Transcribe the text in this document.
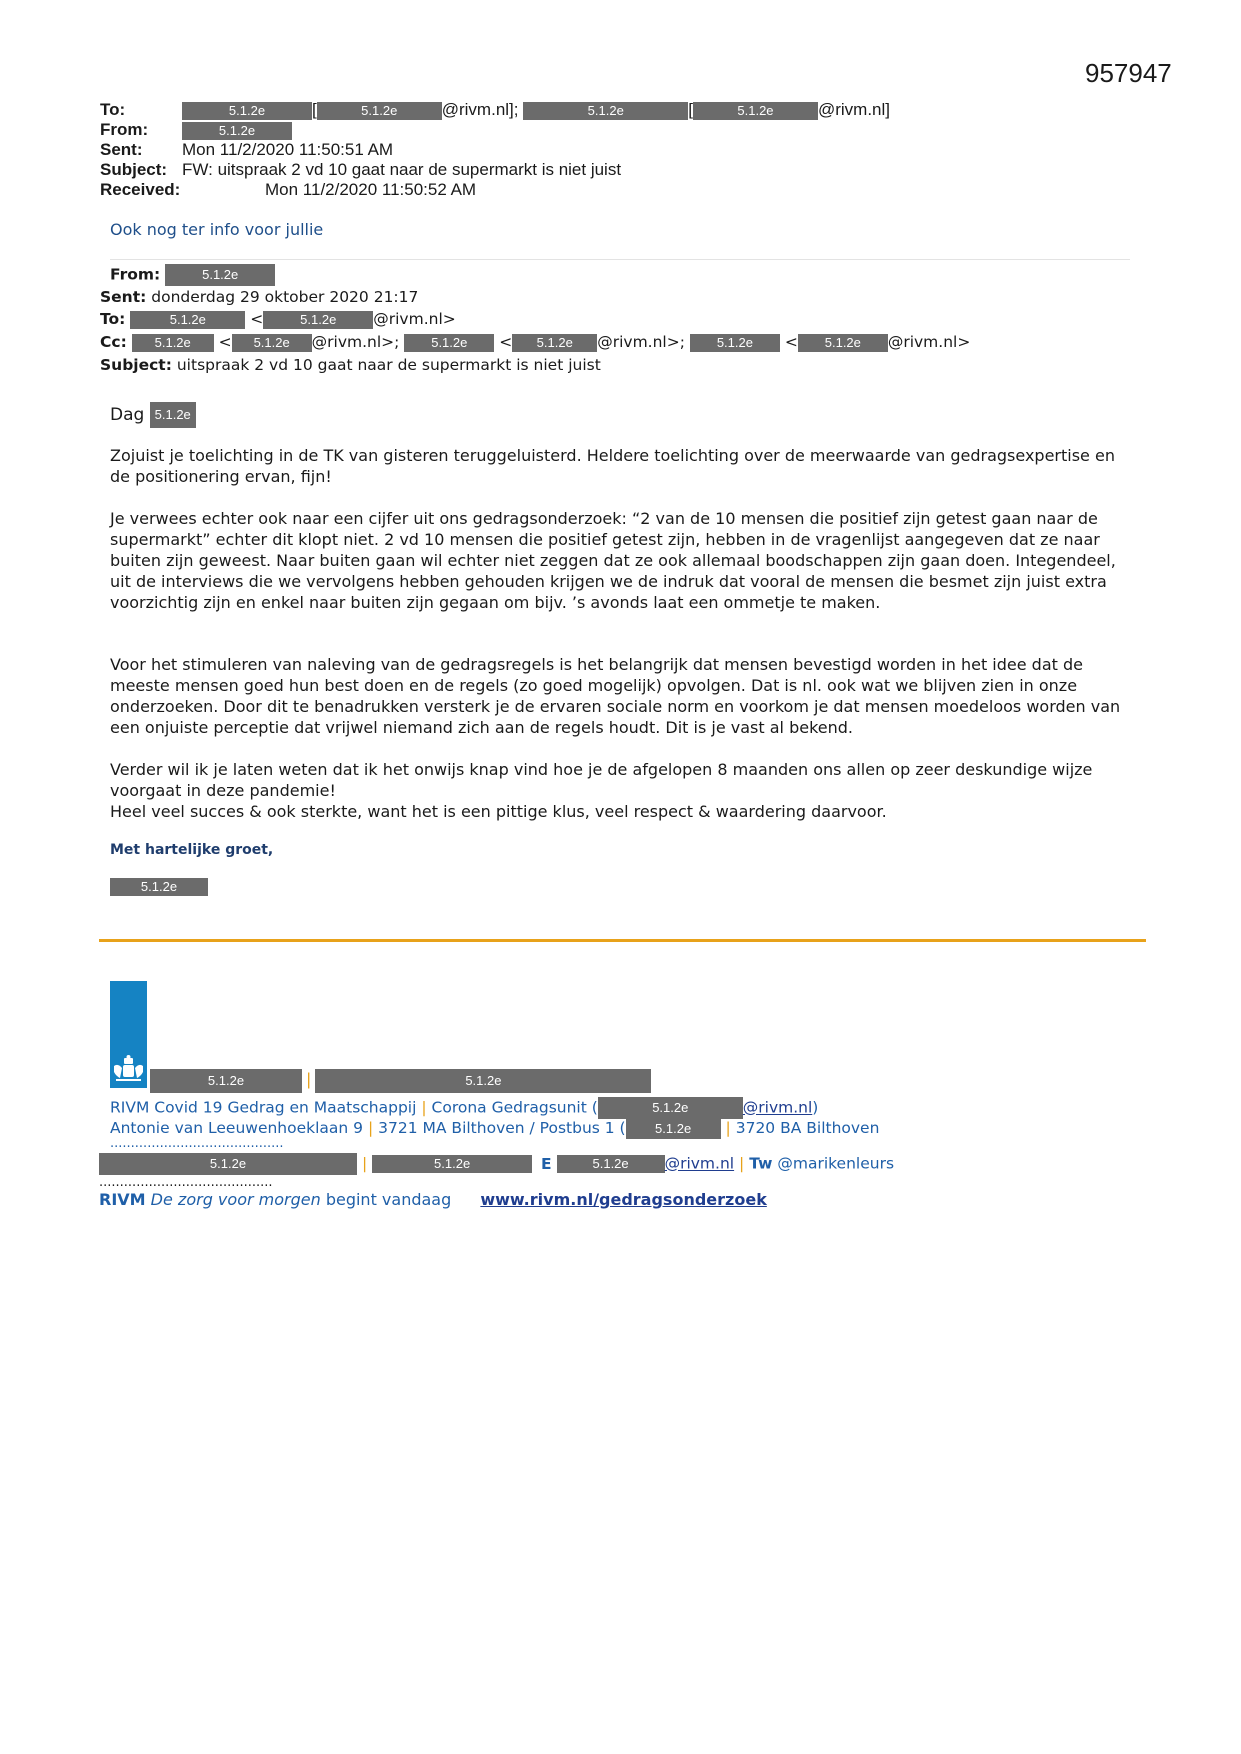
957947
To:	5.1.2e	[	5.1.2e	@rivm.nl];	5.1.2e	[	5.1.2e	@rivm.nl]
From:	5.1.2e
Sent: Mon 11/2/2020 11:50:51 AM
Subject: FW: uitspraak 2 vd 10 gaat naar de supermarkt is niet juist
Received:	Mon 11/2/2020 11:50:52 AM
Ook nog ter info voor jullie
From:	5.1.2e
Sent: donderdag 29 oktober 2020 21:17
To:	5.1.2e	<	5.1.2e @rivm.nl>
Cc: 5.1.2e < 5.1.2e @rivm.nl>; 5.1.2e < 5.1.2e @rivm.nl>; 5.1.2e < 5.1.2e @rivm.nl>
Subject: uitspraak 2 vd 10 gaat naar de supermarkt is niet juist
Dag 5.1.2e

Zojuist je toelichting in de TK van gisteren teruggeluisterd. Heldere toelichting over de meerwaarde van gedragsexpertise en de positionering ervan, fijn!

Je verwees echter ook naar een cijfer uit ons gedragsonderzoek: “2 van de 10 mensen die positief zijn getest gaan naar de supermarkt” echter dit klopt niet. 2 vd 10 mensen die positief getest zijn, hebben in de vragenlijst aangegeven dat ze naar buiten zijn geweest. Naar buiten gaan wil echter niet zeggen dat ze ook allemaal boodschappen zijn gaan doen. Integendeel, uit de interviews die we vervolgens hebben gehouden krijgen we de indruk dat vooral de mensen die besmet zijn juist extra voorzichtig zijn en enkel naar buiten zijn gegaan om bijv. ’s avonds laat een ommetje te maken.

Voor het stimuleren van naleving van de gedragsregels is het belangrijk dat mensen bevestigd worden in het idee dat de meeste mensen goed hun best doen en de regels (zo goed mogelijk) opvolgen. Dat is nl. ook wat we blijven zien in onze onderzoeken. Door dit te benadrukken versterk je de ervaren sociale norm en voorkom je dat mensen moedeloos worden van een onjuiste perceptie dat vrijwel niemand zich aan de regels houdt. Dit is je vast al bekend.

Verder wil ik je laten weten dat ik het onwijs knap vind hoe je de afgelopen 8 maanden ons allen op zeer deskundige wijze voorgaat in deze pandemie!

Heel veel succes & ook sterkte, want het is een pittige klus, veel respect & waardering daarvoor.

Met hartelijke groet,
5.1.2e
5.1.2e	|	5.1.2e
RIVM Covid 19 Gedrag en Maatschappij | Corona Gedragsunit (	5.1.2e	@rivm.nl)
Antonie van Leeuwenhoeklaan 9 | 3721 MA Bilthoven / Postbus 1 ( 5.1.2e | 3720 BA Bilthoven
..........................................
5.1.2e	|	5.1.2e	E	5.1.2e @rivm.nl | Tw @marikenleurs
..........................................
RIVM De zorg voor morgen begint vandaag www.rivm.nl/gedragsonderzoek
